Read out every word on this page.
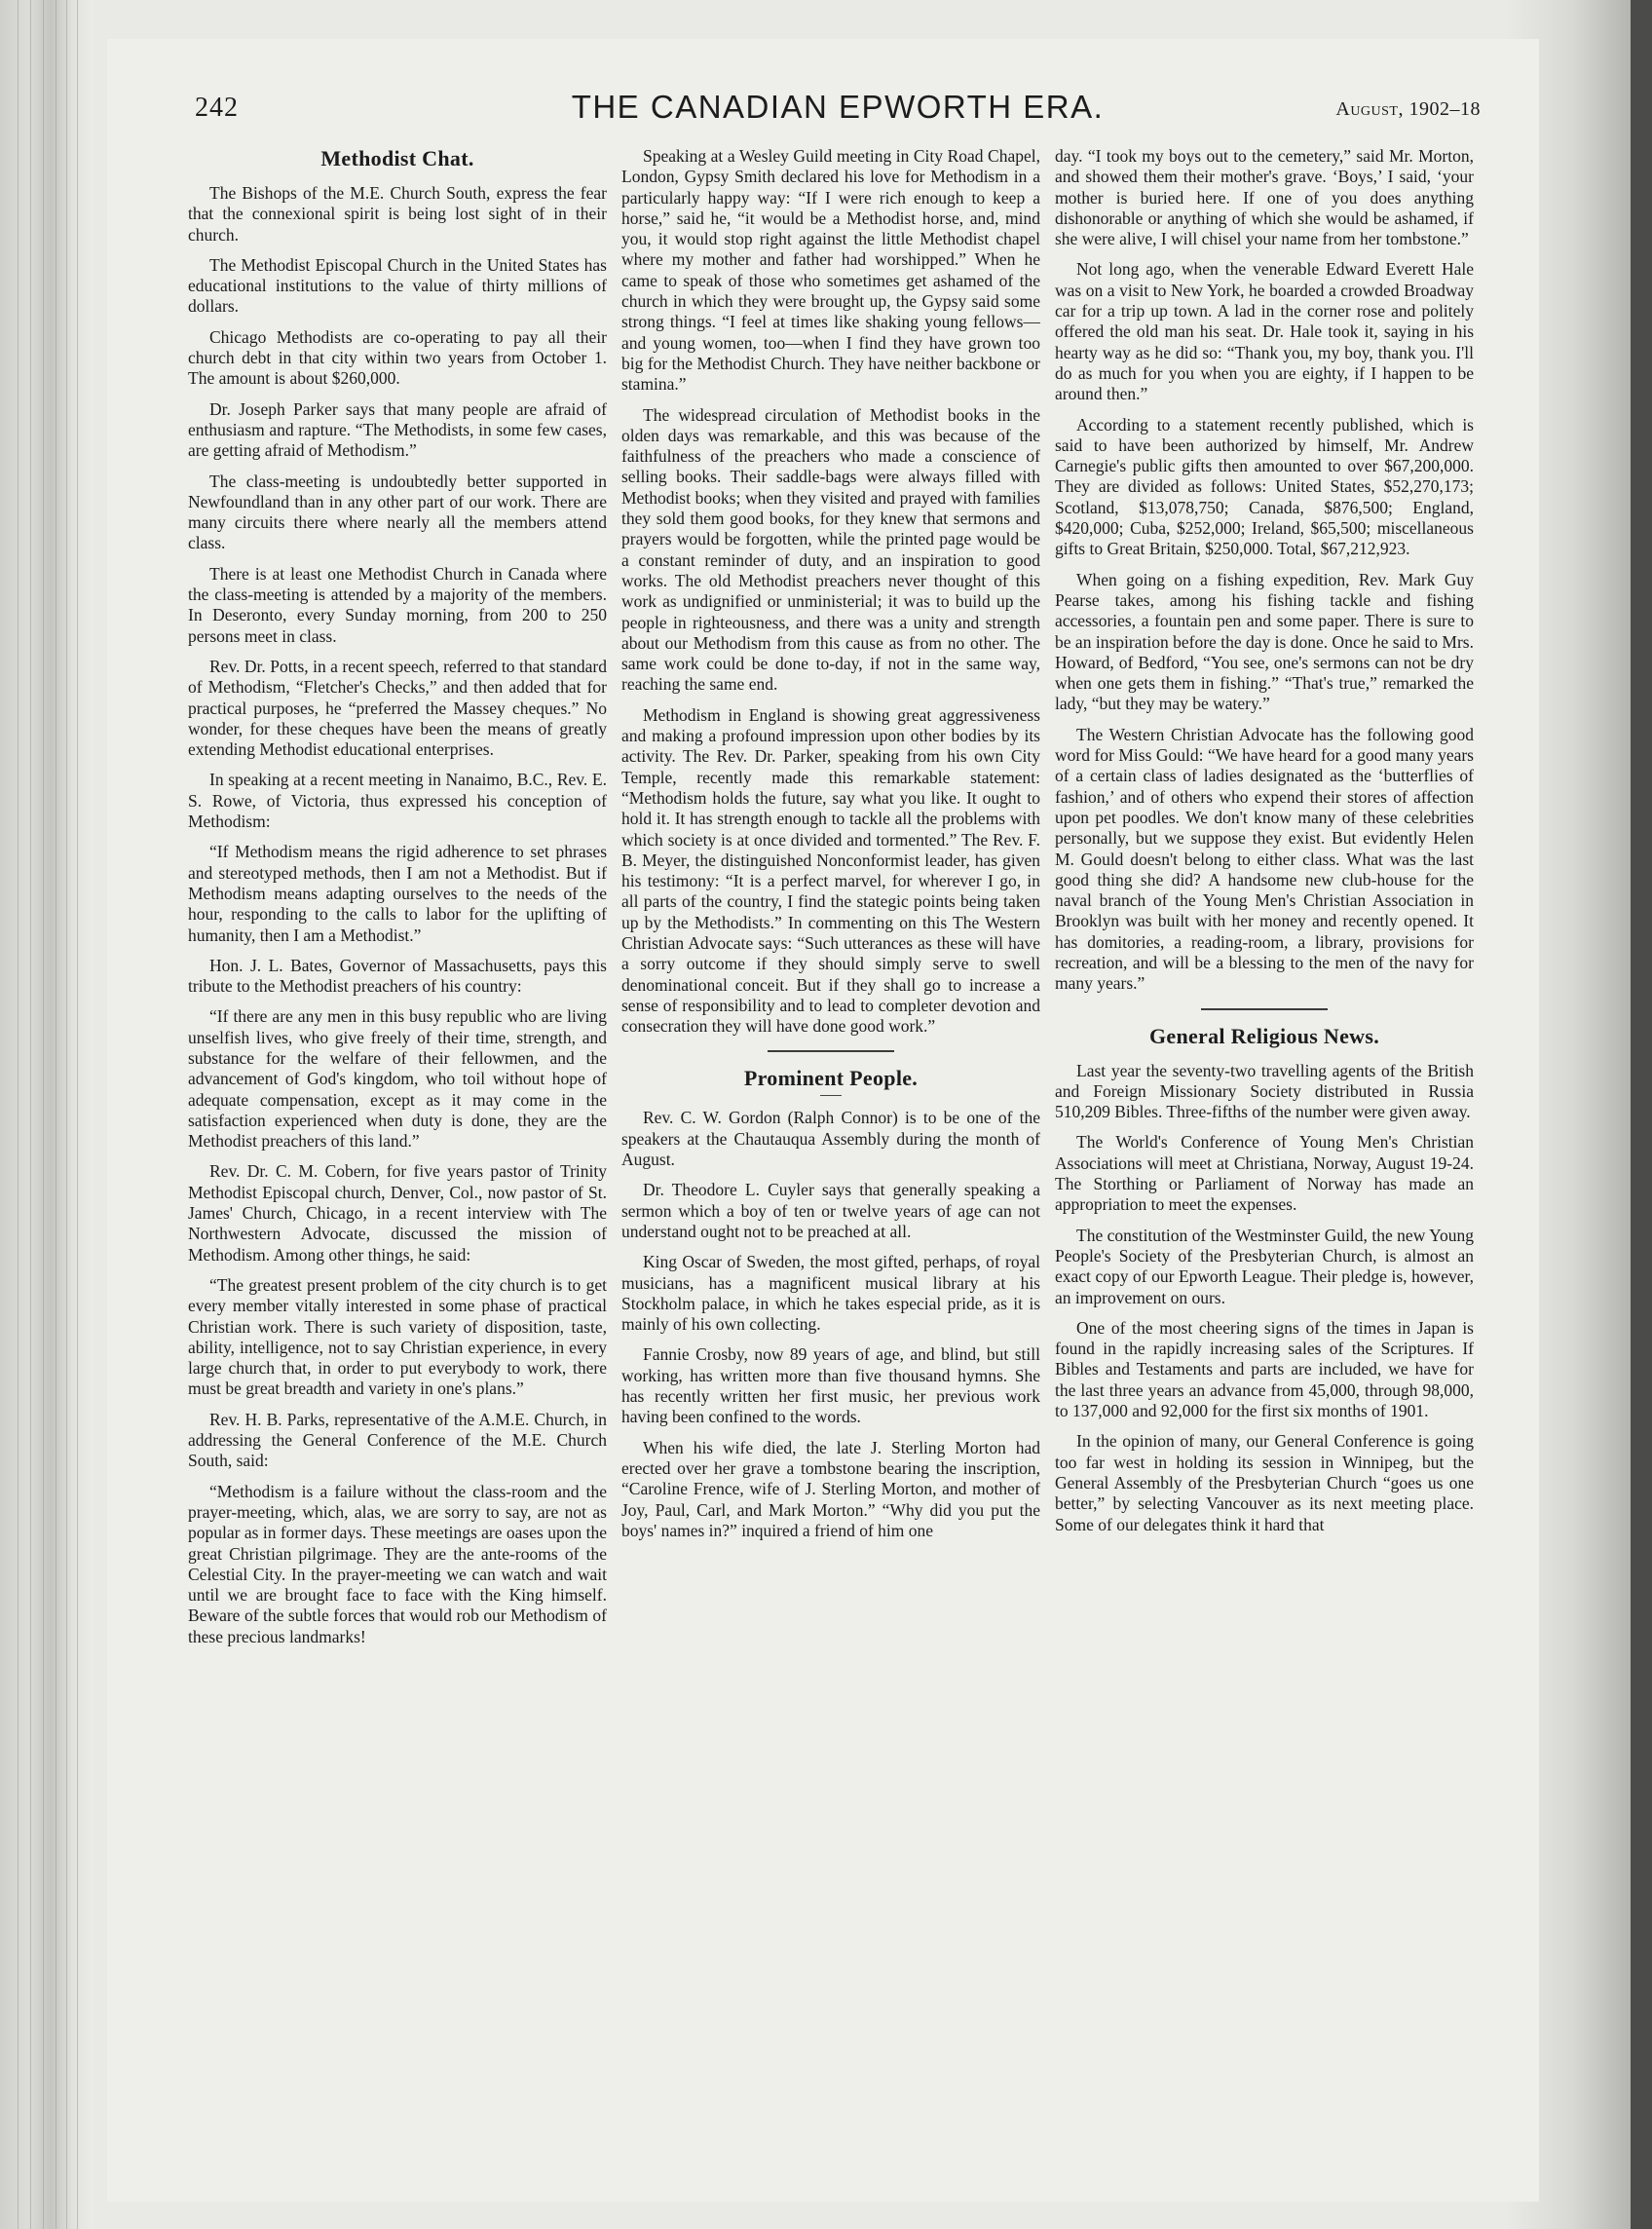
242	THE CANADIAN EPWORTH ERA.	August, 1902–18
Methodist Chat.

The Bishops of the M.E. Church South, express the fear that the connexional spirit is being lost sight of in their church.

The Methodist Episcopal Church in the United States has educational institutions to the value of thirty millions of dollars.

Chicago Methodists are co-operating to pay all their church debt in that city within two years from October 1. The amount is about $260,000.

Dr. Joseph Parker says that many people are afraid of enthusiasm and rapture. “The Methodists, in some few cases, are getting afraid of Methodism.”

The class-meeting is undoubtedly better supported in Newfoundland than in any other part of our work. There are many circuits there where nearly all the members attend class.

There is at least one Methodist Church in Canada where the class-meeting is attended by a majority of the members. In Deseronto, every Sunday morning, from 200 to 250 persons meet in class.

Rev. Dr. Potts, in a recent speech, referred to that standard of Methodism, “Fletcher's Checks,” and then added that for practical purposes, he “preferred the Massey cheques.” No wonder, for these cheques have been the means of greatly extending Methodist educational enterprises.

In speaking at a recent meeting in Nanaimo, B.C., Rev. E. S. Rowe, of Victoria, thus expressed his conception of Methodism:

“If Methodism means the rigid adherence to set phrases and stereotyped methods, then I am not a Methodist. But if Methodism means adapting ourselves to the needs of the hour, responding to the calls to labor for the uplifting of humanity, then I am a Methodist.”

Hon. J. L. Bates, Governor of Massachusetts, pays this tribute to the Methodist preachers of his country:

“If there are any men in this busy republic who are living unselfish lives, who give freely of their time, strength, and substance for the welfare of their fellowmen, and the advancement of God's kingdom, who toil without hope of adequate compensation, except as it may come in the satisfaction experienced when duty is done, they are the Methodist preachers of this land.”

Rev. Dr. C. M. Cobern, for five years pastor of Trinity Methodist Episcopal church, Denver, Col., now pastor of St. James' Church, Chicago, in a recent interview with The Northwestern Advocate, discussed the mission of Methodism. Among other things, he said:

“The greatest present problem of the city church is to get every member vitally interested in some phase of practical Christian work. There is such variety of disposition, taste, ability, intelligence, not to say Christian experience, in every large church that, in order to put everybody to work, there must be great breadth and variety in one's plans.”

Rev. H. B. Parks, representative of the A.M.E. Church, in addressing the General Conference of the M.E. Church South, said:

“Methodism is a failure without the class-room and the prayer-meeting, which, alas, we are sorry to say, are not as popular as in former days. These meetings are oases upon the great Christian pilgrimage. They are the ante-rooms of the Celestial City. In the prayer-meeting we can watch and wait until we are brought face to face with the King himself. Beware of the subtle forces that would rob our Methodism of these precious landmarks!

Speaking at a Wesley Guild meeting in City Road Chapel, London, Gypsy Smith declared his love for Methodism in a particularly happy way: “If I were rich enough to keep a horse,” said he, “it would be a Methodist horse, and, mind you, it would stop right against the little Methodist chapel where my mother and father had worshipped.” When he came to speak of those who sometimes get ashamed of the church in which they were brought up, the Gypsy said some strong things. “I feel at times like shaking young fellows—and young women, too—when I find they have grown too big for the Methodist Church. They have neither backbone or stamina.”

The widespread circulation of Methodist books in the olden days was remarkable, and this was because of the faithfulness of the preachers who made a conscience of selling books. Their saddle-bags were always filled with Methodist books; when they visited and prayed with families they sold them good books, for they knew that sermons and prayers would be forgotten, while the printed page would be a constant reminder of duty, and an inspiration to good works. The old Methodist preachers never thought of this work as undignified or unministerial; it was to build up the people in righteousness, and there was a unity and strength about our Methodism from this cause as from no other. The same work could be done to-day, if not in the same way, reaching the same end.

Methodism in England is showing great aggressiveness and making a profound impression upon other bodies by its activity. The Rev. Dr. Parker, speaking from his own City Temple, recently made this remarkable statement: “Methodism holds the future, say what you like. It ought to hold it. It has strength enough to tackle all the problems with which society is at once divided and tormented.” The Rev. F. B. Meyer, the distinguished Nonconformist leader, has given his testimony: “It is a perfect marvel, for wherever I go, in all parts of the country, I find the stategic points being taken up by the Methodists.” In commenting on this The Western Christian Advocate says: “Such utterances as these will have a sorry outcome if they should simply serve to swell denominational conceit. But if they shall go to increase a sense of responsibility and to lead to completer devotion and consecration they will have done good work.”

Prominent People.

Rev. C. W. Gordon (Ralph Connor) is to be one of the speakers at the Chautauqua Assembly during the month of August.

Dr. Theodore L. Cuyler says that generally speaking a sermon which a boy of ten or twelve years of age can not understand ought not to be preached at all.

King Oscar of Sweden, the most gifted, perhaps, of royal musicians, has a magnificent musical library at his Stockholm palace, in which he takes especial pride, as it is mainly of his own collecting.

Fannie Crosby, now 89 years of age, and blind, but still working, has written more than five thousand hymns. She has recently written her first music, her previous work having been confined to the words.

When his wife died, the late J. Sterling Morton had erected over her grave a tombstone bearing the inscription, “Caroline Frence, wife of J. Sterling Morton, and mother of Joy, Paul, Carl, and Mark Morton.” “Why did you put the boys' names in?” inquired a friend of him one

day. “I took my boys out to the cemetery,” said Mr. Morton, and showed them their mother's grave. ‘Boys,’ I said, ‘your mother is buried here. If one of you does anything dishonorable or anything of which she would be ashamed, if she were alive, I will chisel your name from her tombstone.”

Not long ago, when the venerable Edward Everett Hale was on a visit to New York, he boarded a crowded Broadway car for a trip up town. A lad in the corner rose and politely offered the old man his seat. Dr. Hale took it, saying in his hearty way as he did so: “Thank you, my boy, thank you. I'll do as much for you when you are eighty, if I happen to be around then.”

According to a statement recently published, which is said to have been authorized by himself, Mr. Andrew Carnegie's public gifts then amounted to over $67,200,000. They are divided as follows: United States, $52,270,173; Scotland, $13,078,750; Canada, $876,500; England, $420,000; Cuba, $252,000; Ireland, $65,500; miscellaneous gifts to Great Britain, $250,000. Total, $67,212,923.

When going on a fishing expedition, Rev. Mark Guy Pearse takes, among his fishing tackle and fishing accessories, a fountain pen and some paper. There is sure to be an inspiration before the day is done. Once he said to Mrs. Howard, of Bedford, “You see, one's sermons can not be dry when one gets them in fishing.” “That's true,” remarked the lady, “but they may be watery.”

The Western Christian Advocate has the following good word for Miss Gould: “We have heard for a good many years of a certain class of ladies designated as the ‘butterflies of fashion,’ and of others who expend their stores of affection upon pet poodles. We don't know many of these celebrities personally, but we suppose they exist. But evidently Helen M. Gould doesn't belong to either class. What was the last good thing she did? A handsome new club-house for the naval branch of the Young Men's Christian Association in Brooklyn was built with her money and recently opened. It has domitories, a reading-room, a library, provisions for recreation, and will be a blessing to the men of the navy for many years.”

General Religious News.

Last year the seventy-two travelling agents of the British and Foreign Missionary Society distributed in Russia 510,209 Bibles. Three-fifths of the number were given away.

The World's Conference of Young Men's Christian Associations will meet at Christiana, Norway, August 19-24. The Storthing or Parliament of Norway has made an appropriation to meet the expenses.

The constitution of the Westminster Guild, the new Young People's Society of the Presbyterian Church, is almost an exact copy of our Epworth League. Their pledge is, however, an improvement on ours.

One of the most cheering signs of the times in Japan is found in the rapidly increasing sales of the Scriptures. If Bibles and Testaments and parts are included, we have for the last three years an advance from 45,000, through 98,000, to 137,000 and 92,000 for the first six months of 1901.

In the opinion of many, our General Conference is going too far west in holding its session in Winnipeg, but the General Assembly of the Presbyterian Church “goes us one better,” by selecting Vancouver as its next meeting place. Some of our delegates think it hard that
